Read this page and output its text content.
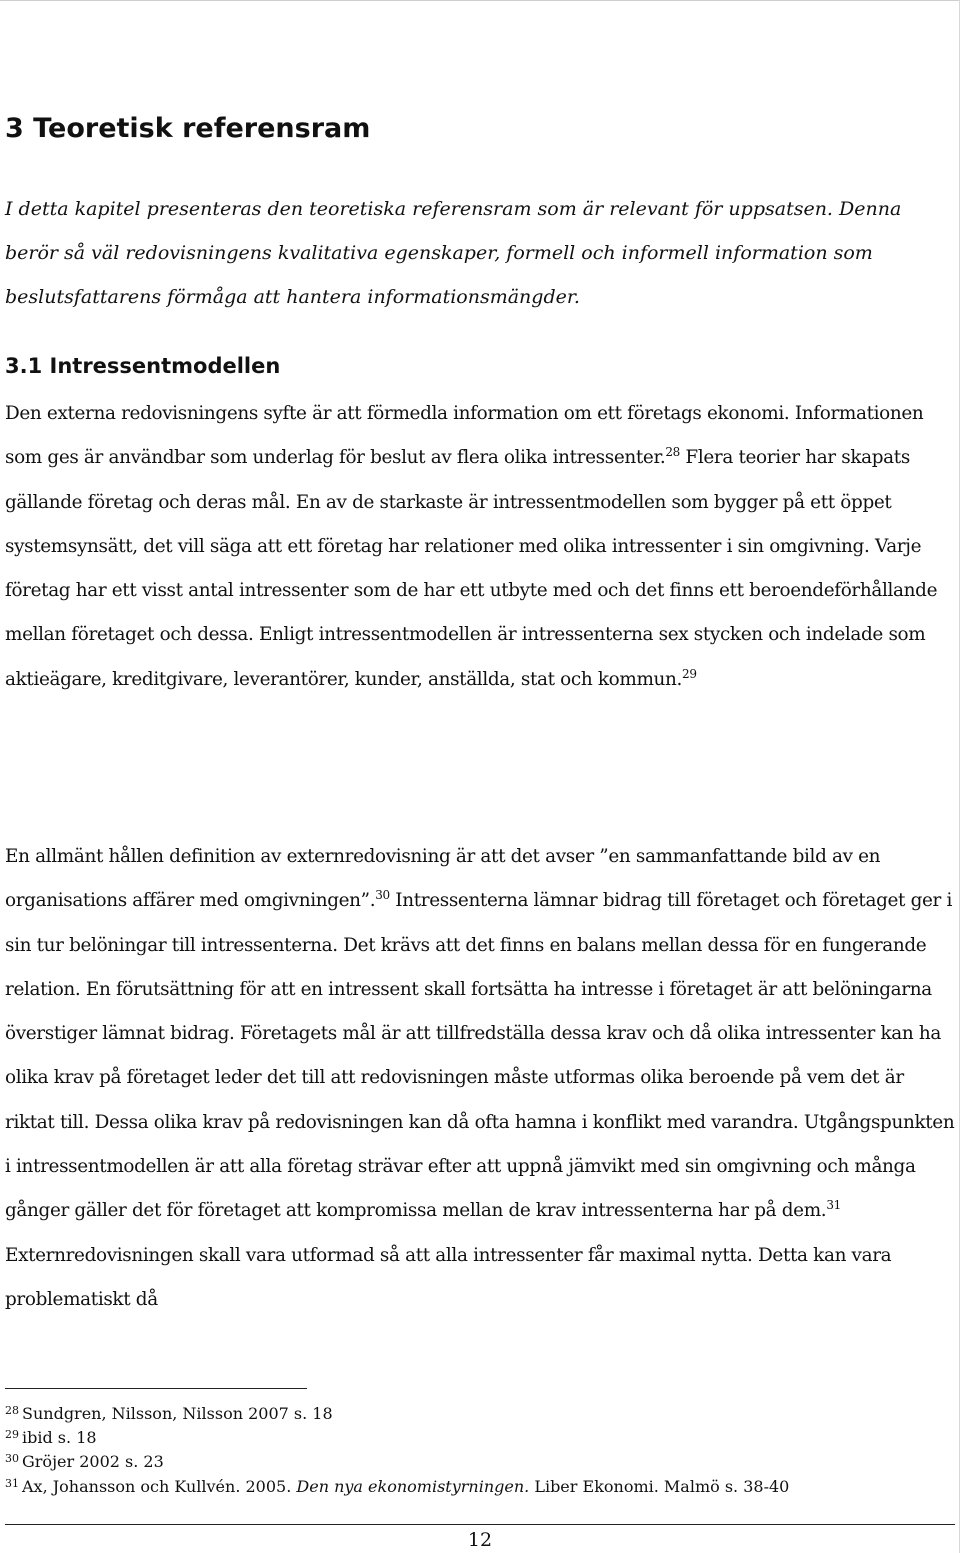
3 Teoretisk referensram

I detta kapitel presenteras den teoretiska referensram som är relevant för uppsatsen. Denna berör så väl redovisningens kvalitativa egenskaper, formell och informell information som beslutsfattarens förmåga att hantera informationsmängder.

3.1 Intressentmodellen

Den externa redovisningens syfte är att förmedla information om ett företags ekonomi. Informationen som ges är användbar som underlag för beslut av flera olika intressenter.$^{28}$ Flera teorier har skapats gällande företag och deras mål. En av de starkaste är intressentmodellen som bygger på ett öppet systemsynsätt, det vill säga att ett företag har relationer med olika intressenter i sin omgivning. Varje företag har ett visst antal intressenter som de har ett utbyte med och det finns ett beroendeförhållande mellan företaget och dessa. Enligt intressentmodellen är intressenterna sex stycken och indelade som aktieägare, kreditgivare, leverantörer, kunder, anställda, stat och kommun.$^{29}$

En allmänt hållen definition av externredovisning är att det avser ”en sammanfattande bild av en organisations affärer med omgivningen”.$^{30}$ Intressenterna lämnar bidrag till företaget och företaget ger i sin tur belöningar till intressenterna. Det krävs att det finns en balans mellan dessa för en fungerande relation. En förutsättning för att en intressent skall fortsätta ha intresse i företaget är att belöningarna överstiger lämnat bidrag. Företagets mål är att tillfredställa dessa krav och då olika intressenter kan ha olika krav på företaget leder det till att redovisningen måste utformas olika beroende på vem det är riktat till. Dessa olika krav på redovisningen kan då ofta hamna i konflikt med varandra. Utgångspunkten i intressentmodellen är att alla företag strävar efter att uppnå jämvikt med sin omgivning och många gånger gäller det för företaget att kompromissa mellan de krav intressenterna har på dem.$^{31}$ Externredovisningen skall vara utformad så att alla intressenter får maximal nytta. Detta kan vara problematiskt då

$^{28}$ Sundgren, Nilsson, Nilsson 2007 s. 18
$^{29}$ ibid s. 18
$^{30}$ Gröjer 2002 s. 23
$^{31}$ Ax, Johansson och Kullvén. 2005. Den nya ekonomistyrningen. Liber Ekonomi. Malmö s. 38-40
12
